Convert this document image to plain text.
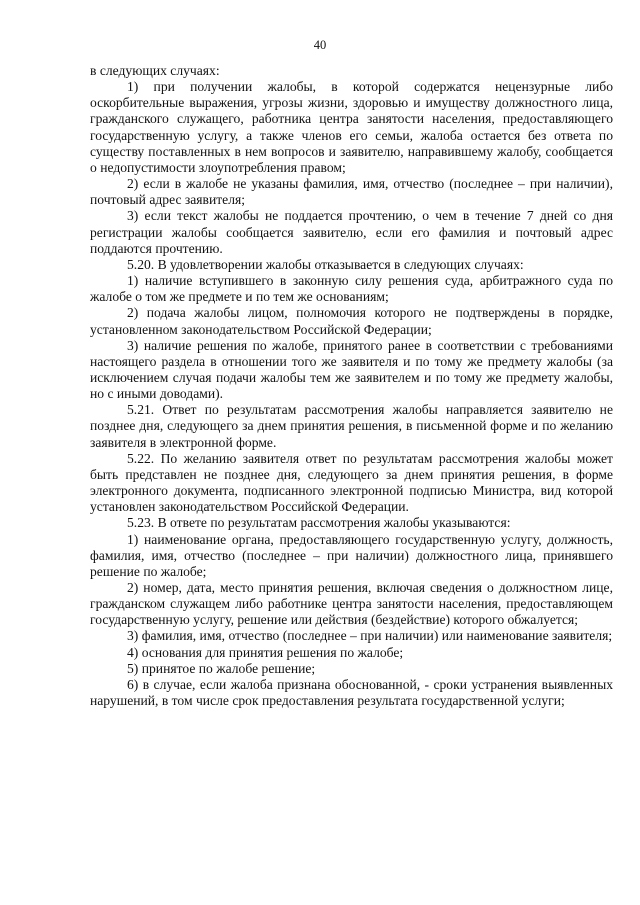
40

в следующих случаях:

1) при получении жалобы, в которой содержатся нецензурные либо оскорбительные выражения, угрозы жизни, здоровью и имуществу должностного лица, гражданского служащего, работника центра занятости населения, предоставляющего государственную услугу, а также членов его семьи, жалоба остается без ответа по существу поставленных в нем вопросов и заявителю, направившему жалобу, сообщается о недопустимости злоупотребления правом;

2) если в жалобе не указаны фамилия, имя, отчество (последнее – при наличии), почтовый адрес заявителя;

3) если текст жалобы не поддается прочтению, о чем в течение 7 дней со дня регистрации жалобы сообщается заявителю, если его фамилия и почтовый адрес поддаются прочтению.

5.20. В удовлетворении жалобы отказывается в следующих случаях:

1) наличие вступившего в законную силу решения суда, арбитражного суда по жалобе о том же предмете и по тем же основаниям;

2) подача жалобы лицом, полномочия которого не подтверждены в порядке, установленном законодательством Российской Федерации;

3) наличие решения по жалобе, принятого ранее в соответствии с требованиями настоящего раздела в отношении того же заявителя и по тому же предмету жалобы (за исключением случая подачи жалобы тем же заявителем и по тому же предмету жалобы, но с иными доводами).

5.21. Ответ по результатам рассмотрения жалобы направляется заявителю не позднее дня, следующего за днем принятия решения, в письменной форме и по желанию заявителя в электронной форме.

5.22. По желанию заявителя ответ по результатам рассмотрения жалобы может быть представлен не позднее дня, следующего за днем принятия решения, в форме электронного документа, подписанного электронной подписью Министра, вид которой установлен законодательством Российской Федерации.

5.23. В ответе по результатам рассмотрения жалобы указываются:

1) наименование органа, предоставляющего государственную услугу, должность, фамилия, имя, отчество (последнее – при наличии) должностного лица, принявшего решение по жалобе;

2) номер, дата, место принятия решения, включая сведения о должностном лице, гражданском служащем либо работнике центра занятости населения, предоставляющем государственную услугу, решение или действия (бездействие) которого обжалуется;

3) фамилия, имя, отчество (последнее – при наличии) или наименование заявителя;

4) основания для принятия решения по жалобе;

5) принятое по жалобе решение;

6) в случае, если жалоба признана обоснованной, - сроки устранения выявленных нарушений, в том числе срок предоставления результата государственной услуги;
